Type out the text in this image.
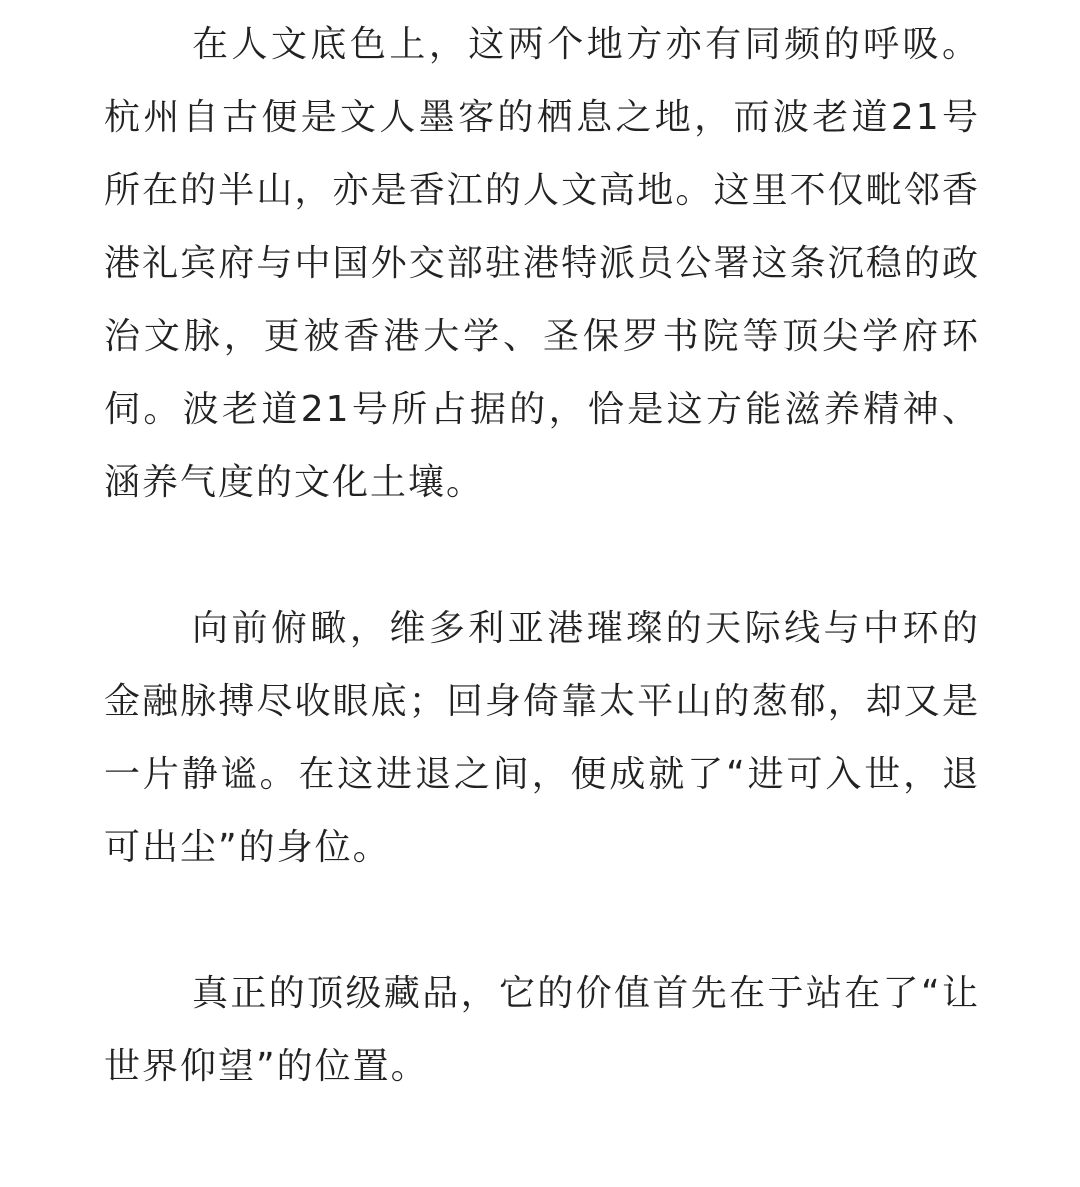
在人文底色上，这两个地方亦有同频的呼吸。杭州自古便是文人墨客的栖息之地，而波老道21号所在的半山，亦是香江的人文高地。这里不仅毗邻香港礼宾府与中国外交部驻港特派员公署这条沉稳的政治文脉，更被香港大学、圣保罗书院等顶尖学府环伺。波老道21号所占据的，恰是这方能滋养精神、涵养气度的文化土壤。

向前俯瞰，维多利亚港璀璨的天际线与中环的金融脉搏尽收眼底；回身倚靠太平山的葱郁，却又是一片静谧。在这进退之间，便成就了“进可入世，退可出尘”的身位。

真正的顶级藏品，它的价值首先在于站在了“让世界仰望”的位置。
